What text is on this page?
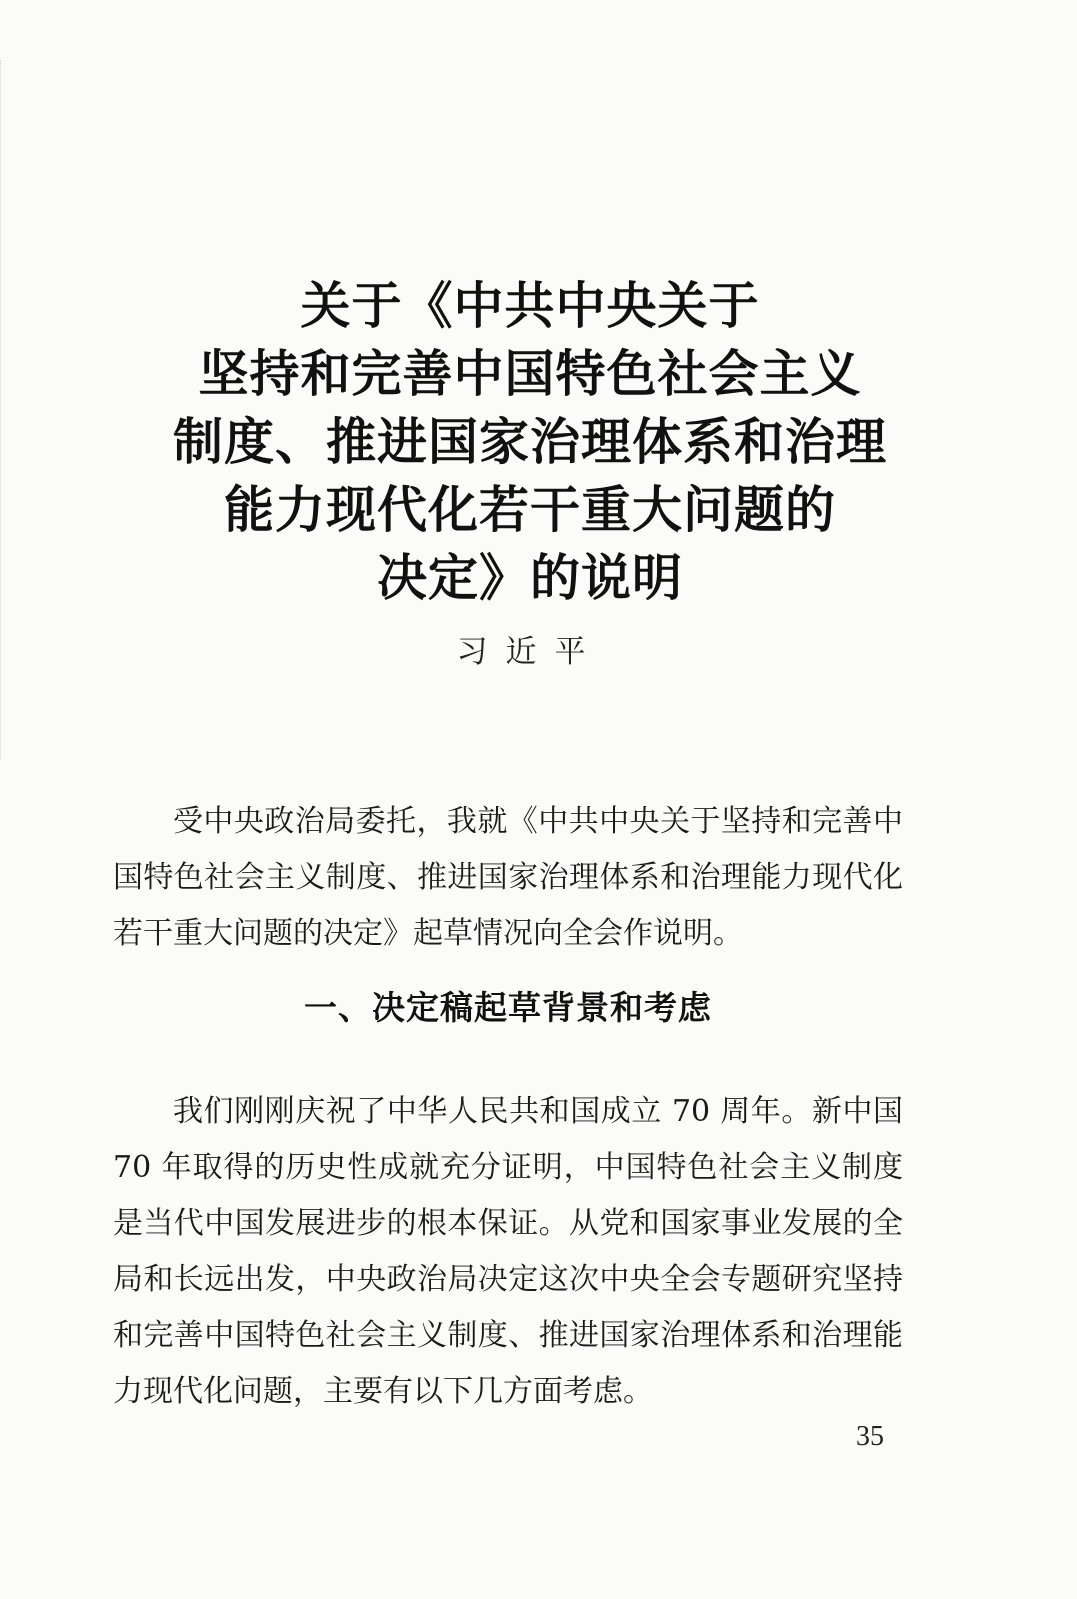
关于《中共中央关于
坚持和完善中国特色社会主义
制度、推进国家治理体系和治理
能力现代化若干重大问题的
决定》的说明
习近平

受中央政治局委托，我就《中共中央关于坚持和完善中国特色社会主义制度、推进国家治理体系和治理能力现代化若干重大问题的决定》起草情况向全会作说明。

一、决定稿起草背景和考虑

我们刚刚庆祝了中华人民共和国成立 70 周年。新中国 70 年取得的历史性成就充分证明，中国特色社会主义制度是当代中国发展进步的根本保证。从党和国家事业发展的全局和长远出发，中央政治局决定这次中央全会专题研究坚持和完善中国特色社会主义制度、推进国家治理体系和治理能力现代化问题，主要有以下几方面考虑。

35
